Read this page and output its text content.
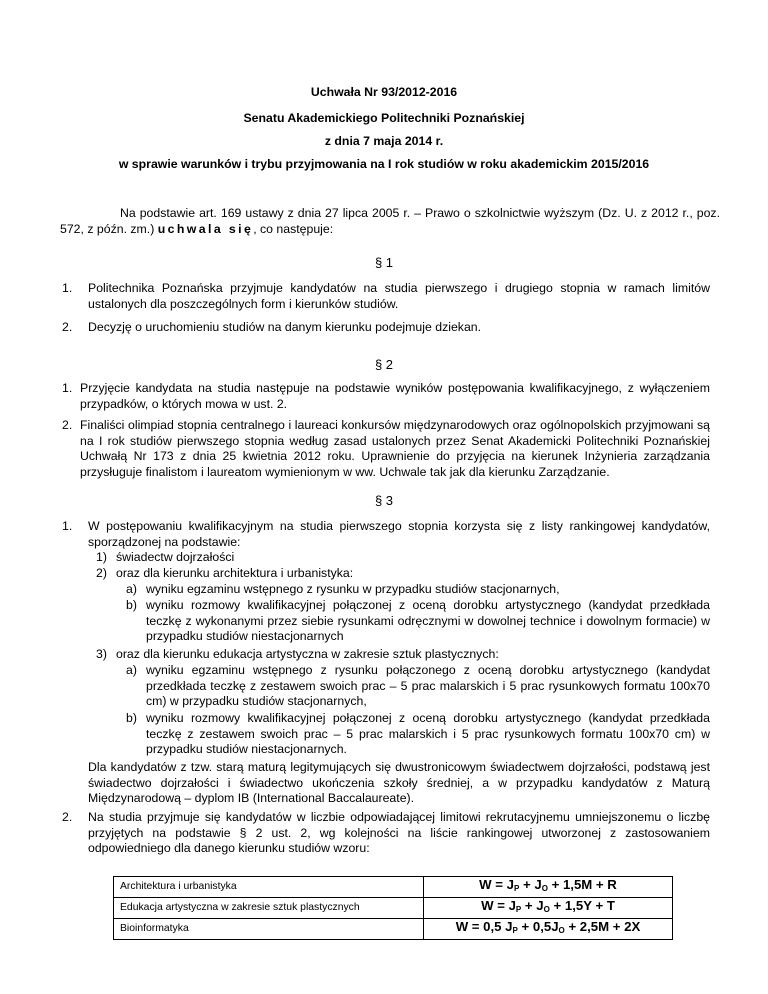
Uchwała Nr 93/2012-2016
Senatu Akademickiego Politechniki Poznańskiej
z dnia 7 maja 2014 r.
w sprawie warunków i trybu przyjmowania na I rok studiów w roku akademickim 2015/2016
Na podstawie art. 169 ustawy z dnia 27 lipca 2005 r. – Prawo o szkolnictwie wyższym (Dz. U. z 2012 r., poz. 572, z późn. zm.) uchwala się, co następuje:
§ 1
1. Politechnika Poznańska przyjmuje kandydatów na studia pierwszego i drugiego stopnia w ramach limitów ustalonych dla poszczególnych form i kierunków studiów.
2. Decyzję o uruchomieniu studiów na danym kierunku podejmuje dziekan.
§ 2
1. Przyjęcie kandydata na studia następuje na podstawie wyników postępowania kwalifikacyjnego, z wyłączeniem przypadków, o których mowa w ust. 2.
2. Finaliści olimpiad stopnia centralnego i laureaci konkursów międzynarodowych oraz ogólnopolskich przyjmowani są na I rok studiów pierwszego stopnia według zasad ustalonych przez Senat Akademicki Politechniki Poznańskiej Uchwałą Nr 173 z dnia 25 kwietnia 2012 roku. Uprawnienie do przyjęcia na kierunek Inżynieria zarządzania przysługuje finalistom i laureatom wymienionym w ww. Uchwale tak jak dla kierunku Zarządzanie.
§ 3
1. W postępowaniu kwalifikacyjnym na studia pierwszego stopnia korzysta się z listy rankingowej kandydatów, sporządzonej na podstawie:
1) świadectw dojrzałości
2) oraz dla kierunku architektura i urbanistyka:
a) wyniku egzaminu wstępnego z rysunku w przypadku studiów stacjonarnych,
b) wyniku rozmowy kwalifikacyjnej połączonej z oceną dorobku artystycznego (kandydat przedkłada teczkę z wykonanymi przez siebie rysunkami odręcznymi w dowolnej technice i dowolnym formacie) w przypadku studiów niestacjonarnych
3) oraz dla kierunku edukacja artystyczna w zakresie sztuk plastycznych:
a) wyniku egzaminu wstępnego z rysunku połączonego z oceną dorobku artystycznego (kandydat przedkłada teczkę z zestawem swoich prac – 5 prac malarskich i 5 prac rysunkowych formatu 100x70 cm) w przypadku studiów stacjonarnych,
b) wyniku rozmowy kwalifikacyjnej połączonej z oceną dorobku artystycznego (kandydat przedkłada teczkę z zestawem swoich prac – 5 prac malarskich i 5 prac rysunkowych formatu 100x70 cm) w przypadku studiów niestacjonarnych.
Dla kandydatów z tzw. starą maturą legitymujących się dwustronicowym świadectwem dojrzałości, podstawą jest świadectwo dojrzałości i świadectwo ukończenia szkoły średniej, a w przypadku kandydatów z Maturą Międzynarodową – dyplom IB (International Baccalaureate).
2. Na studia przyjmuje się kandydatów w liczbie odpowiadającej limitowi rekrutacyjnemu umniejszonemu o liczbę przyjętych na podstawie § 2 ust. 2, wg kolejności na liście rankingowej utworzonej z zastosowaniem odpowiedniego dla danego kierunku studiów wzoru:
Architektura i urbanistyka	$W = J_P + J_O + 1,5M + R$
Edukacja artystyczna w zakresie sztuk plastycznych	$W = J_P + J_O + 1,5Y + T$
Bioinformatyka	W = 0,5 $J_P + 0,5J_O + 2,5M + 2X$
